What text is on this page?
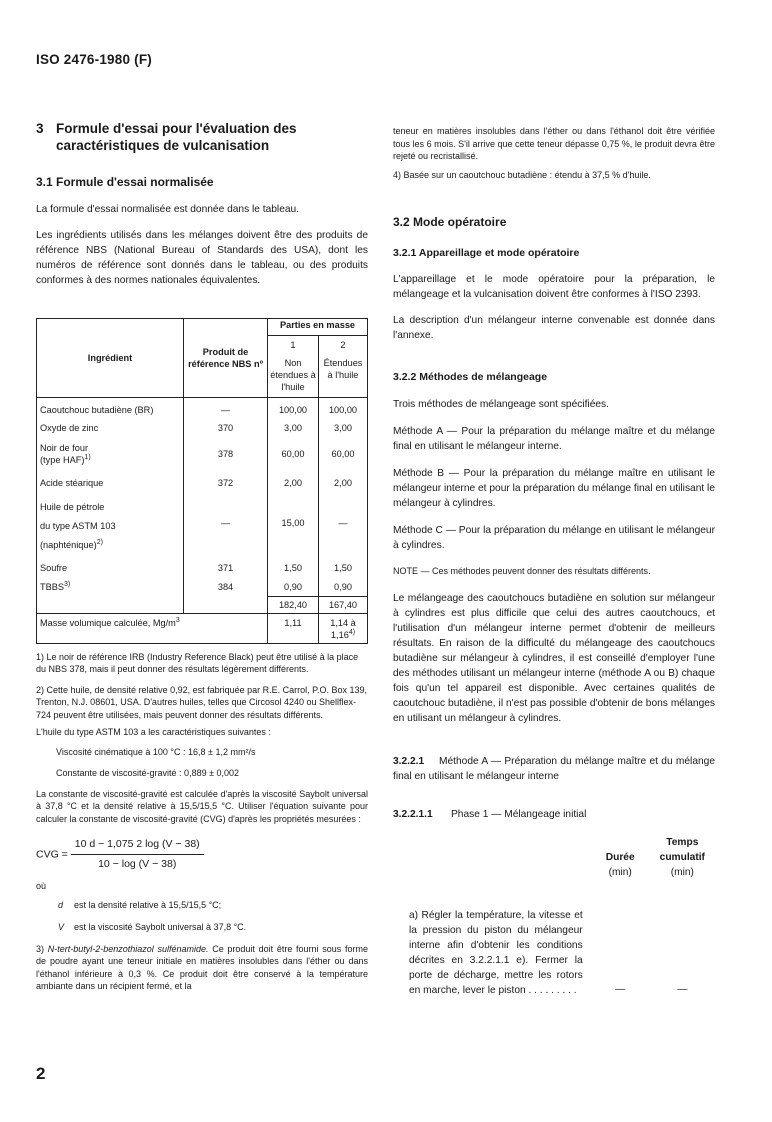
ISO 2476-1980 (F)
3 Formule d'essai pour l'évaluation des
caractéristiques de vulcanisation
3.1 Formule d'essai normalisée

La formule d'essai normalisée est donnée dans le tableau.

Les ingrédients utilisés dans les mélanges doivent être des produits de référence NBS (National Bureau of Standards des USA), dont les numéros de référence sont donnés dans le tableau, ou des produits conformes à des normes nationales équivalentes.

Ingrédient	Produit de référence NBS nº	Parties en masse	
		1	2
		Non étendues à l'huile	Étendues à l'huile
Caoutchouc butadiène (BR)	—	100,00	100,00
Oxyde de zinc	370	3,00	3,00
Noir de four
(type HAF)$^{1)}$	378	60,00	60,00
Acide stéarique	372	2,00	2,00
Huile de pétrole
du type ASTM 103
(naphténique)$^{2)}$	—	15,00	—
Soufre	371	1,50	1,50
TBBS$^{3)}$	384	0,90	0,90
		182,40	167,40
Masse volumique calculée, $Mg/m^3$		1,11	1,14 à
1,16$^{4)}$
1) Le noir de référence IRB (Industry Reference Black) peut être utilisé à la place du NBS 378, mais il peut donner des résultats légèrement différents.
2) Cette huile, de densité relative 0,92, est fabriquée par R.E. Carrol, P.O. Box 139, Trenton, N.J. 08601, USA. D'autres huiles, telles que Circosol 4240 ou Shellflex-724 peuvent être utilisées, mais peuvent donner des résultats différents.
L'huile du type ASTM 103 a les caractéristiques suivantes :
Viscosité cinématique à 100 °C : 16,8 ± 1,2 mm²/s
Constante de viscosité-gravité : 0,889 ± 0,002
La constante de viscosité-gravité est calculée d'après la viscosité Saybolt universal à 37,8 °C et la densité relative à 15,5/15,5 °C. Utiliser l'équation suivante pour calculer la constante de viscosité-gravité (CVG) d'après les propriétés mesurées :
CVG = $\frac{10 d - 1,075 2 \log (V - 38)}{10 - \log (V - 38)}$
où
d est la densité relative à 15,5/15,5 °C;
V est la viscosité Saybolt universal à 37,8 °C.
3) N-tert-butyl-2-benzothiazol sulfénamide. Ce produit doit être fourni sous forme de poudre ayant une teneur initiale en matières insolubles dans l'éther ou dans l'éthanol inférieure à 0,3 %. Ce produit doit être conservé à la température ambiante dans un récipient fermé, et la
teneur en matières insolubles dans l'éther ou dans l'éthanol doit être vérifiée tous les 6 mois. S'il arrive que cette teneur dépasse 0,75 %, le produit devra être rejeté ou recristallisé.
4) Basée sur un caoutchouc butadiène : étendu à 37,5 % d'huile.
3.2 Mode opératoire
3.2.1 Appareillage et mode opératoire

L'appareillage et le mode opératoire pour la préparation, le mélangeage et la vulcanisation doivent être conformes à l'ISO 2393.

La description d'un mélangeur interne convenable est donnée dans l'annexe.

3.2.2 Méthodes de mélangeage

Trois méthodes de mélangeage sont spécifiées.

Méthode A — Pour la préparation du mélange maître et du mélange final en utilisant le mélangeur interne.

Méthode B — Pour la préparation du mélange maître en utilisant le mélangeur interne et pour la préparation du mélange final en utilisant le mélangeur à cylindres.

Méthode C — Pour la préparation du mélange en utilisant le mélangeur à cylindres.

NOTE — Ces méthodes peuvent donner des résultats différents.

Le mélangeage des caoutchoucs butadiène en solution sur mélangeur à cylindres est plus difficile que celui des autres caoutchoucs, et l'utilisation d'un mélangeur interne permet d'obtenir de meilleurs résultats. En raison de la difficulté du mélangeage des caoutchoucs butadiène sur mélangeur à cylindres, il est conseillé d'employer l'une des méthodes utilisant un mélangeur interne (méthode A ou B) chaque fois qu'un tel appareil est disponible. Avec certaines qualités de caoutchouc butadiène, il n'est pas possible d'obtenir de bons mélanges en utilisant un mélangeur à cylindres.

3.2.2.1	Méthode A — Préparation du mélange maître et du mélange final en utilisant le mélangeur interne
3.2.2.1.1 Phase 1 — Mélangeage initial
	Durée
(min)	Temps cumulatif
(min)
a) Régler la température, la vitesse et la pression du piston du mélangeur interne afin d'obtenir les conditions décrites en 3.2.2.1.1 e). Fermer la porte de décharge, mettre les rotors en marche, lever le piston . . . . . . . . .	—	—
2
